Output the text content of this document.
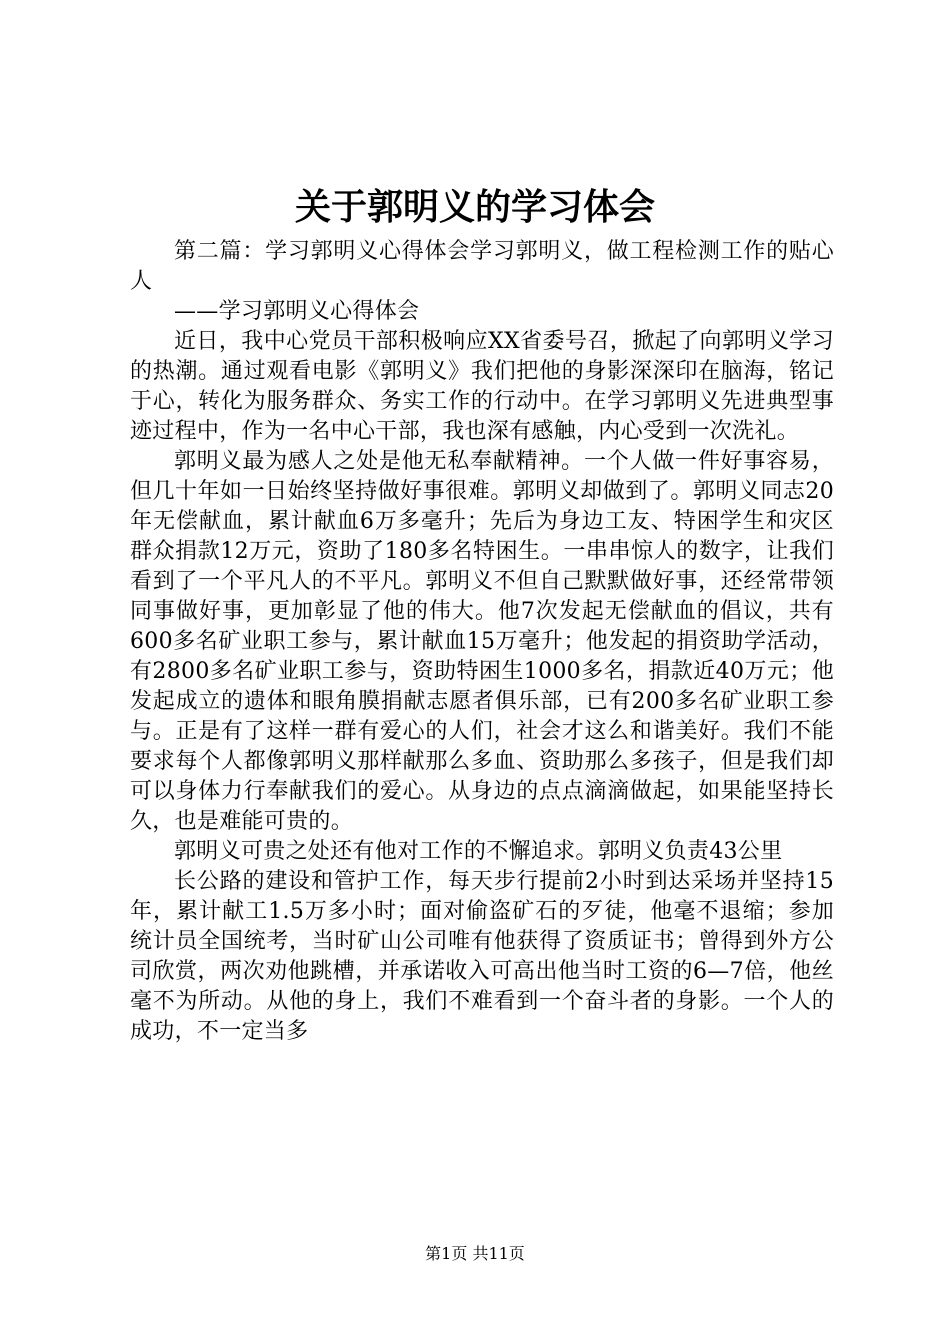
关于郭明义的学习体会

第二篇：学习郭明义心得体会学习郭明义，做工程检测工作的贴心人

——学习郭明义心得体会

近日，我中心党员干部积极响应XX省委号召，掀起了向郭明义学习的热潮。通过观看电影《郭明义》我们把他的身影深深印在脑海，铭记于心，转化为服务群众、务实工作的行动中。在学习郭明义先进典型事迹过程中，作为一名中心干部，我也深有感触，内心受到一次洗礼。

郭明义最为感人之处是他无私奉献精神。一个人做一件好事容易，但几十年如一日始终坚持做好事很难。郭明义却做到了。郭明义同志20年无偿献血，累计献血6万多毫升；先后为身边工友、特困学生和灾区群众捐款12万元，资助了180多名特困生。一串串惊人的数字，让我们看到了一个平凡人的不平凡。郭明义不但自己默默做好事，还经常带领同事做好事，更加彰显了他的伟大。他7次发起无偿献血的倡议，共有600多名矿业职工参与，累计献血15万毫升；他发起的捐资助学活动，有2800多名矿业职工参与，资助特困生1000多名，捐款近40万元；他发起成立的遗体和眼角膜捐献志愿者俱乐部，已有200多名矿业职工参与。正是有了这样一群有爱心的人们，社会才这么和谐美好。我们不能要求每个人都像郭明义那样献那么多血、资助那么多孩子，但是我们却可以身体力行奉献我们的爱心。从身边的点点滴滴做起，如果能坚持长久，也是难能可贵的。

郭明义可贵之处还有他对工作的不懈追求。郭明义负责43公里

长公路的建设和管护工作，每天步行提前2小时到达采场并坚持15年，累计献工1.5万多小时；面对偷盗矿石的歹徒，他毫不退缩；参加统计员全国统考，当时矿山公司唯有他获得了资质证书；曾得到外方公司欣赏，两次劝他跳槽，并承诺收入可高出他当时工资的6—7倍，他丝毫不为所动。从他的身上，我们不难看到一个奋斗者的身影。一个人的成功，不一定当多

第1页 共11页
